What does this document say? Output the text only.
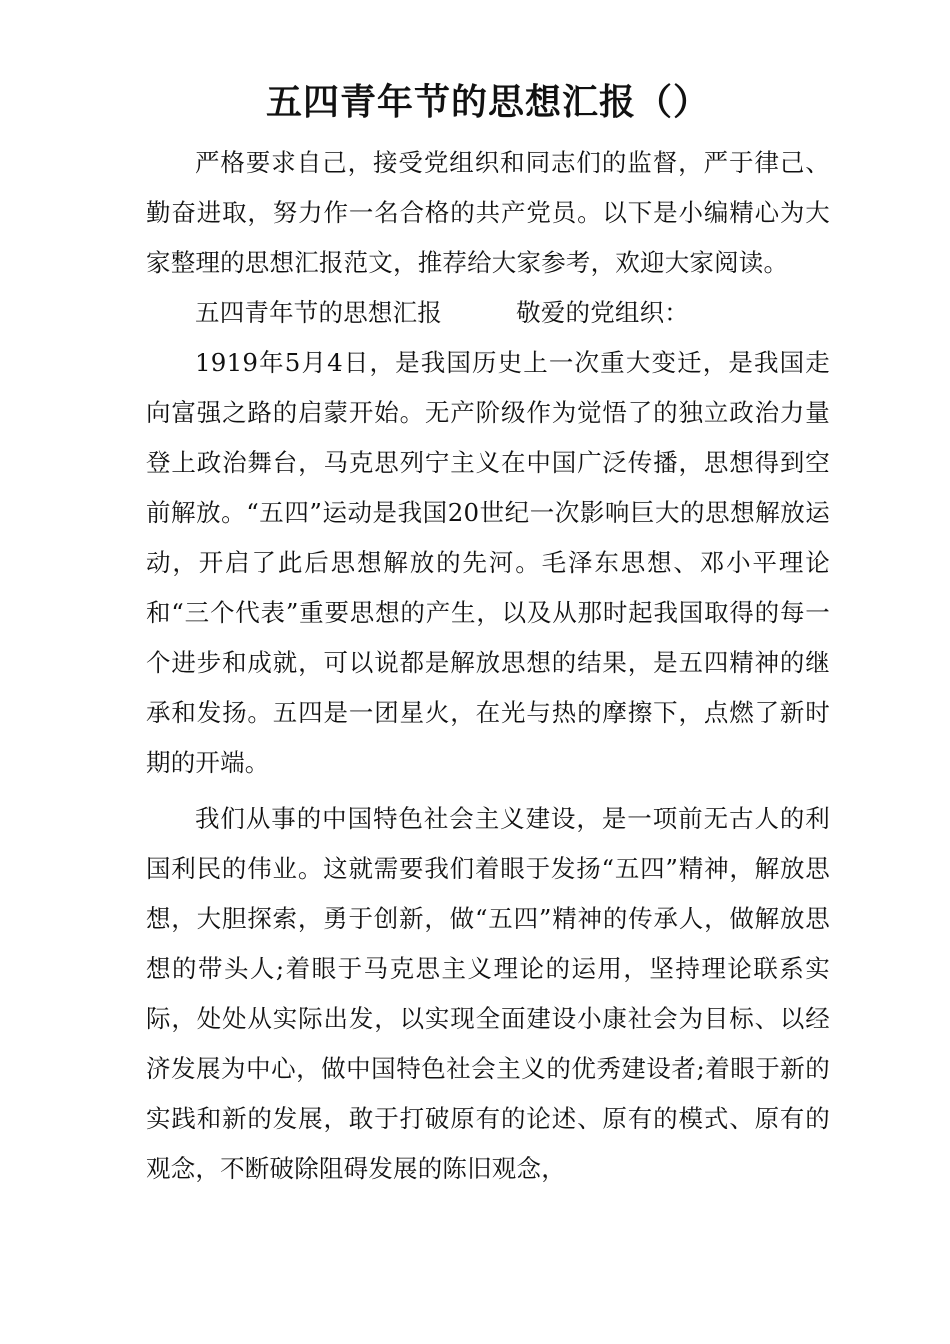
五四青年节的思想汇报（）

严格要求自己，接受党组织和同志们的监督，严于律己、勤奋进取，努力作一名合格的共产党员。以下是小编精心为大家整理的思想汇报范文，推荐给大家参考，欢迎大家阅读。

五四青年节的思想汇报　　　敬爱的党组织：

1919年5月4日，是我国历史上一次重大变迁，是我国走向富强之路的启蒙开始。无产阶级作为觉悟了的独立政治力量登上政治舞台，马克思列宁主义在中国广泛传播，思想得到空前解放。“五四”运动是我国20世纪一次影响巨大的思想解放运动，开启了此后思想解放的先河。毛泽东思想、邓小平理论和“三个代表”重要思想的产生，以及从那时起我国取得的每一个进步和成就，可以说都是解放思想的结果，是五四精神的继承和发扬。五四是一团星火，在光与热的摩擦下，点燃了新时期的开端。

我们从事的中国特色社会主义建设，是一项前无古人的利国利民的伟业。这就需要我们着眼于发扬“五四”精神，解放思想，大胆探索，勇于创新，做“五四”精神的传承人，做解放思想的带头人;着眼于马克思主义理论的运用，坚持理论联系实际，处处从实际出发，以实现全面建设小康社会为目标、以经济发展为中心，做中国特色社会主义的优秀建设者;着眼于新的实践和新的发展，敢于打破原有的论述、原有的模式、原有的观念，不断破除阻碍发展的陈旧观念，
